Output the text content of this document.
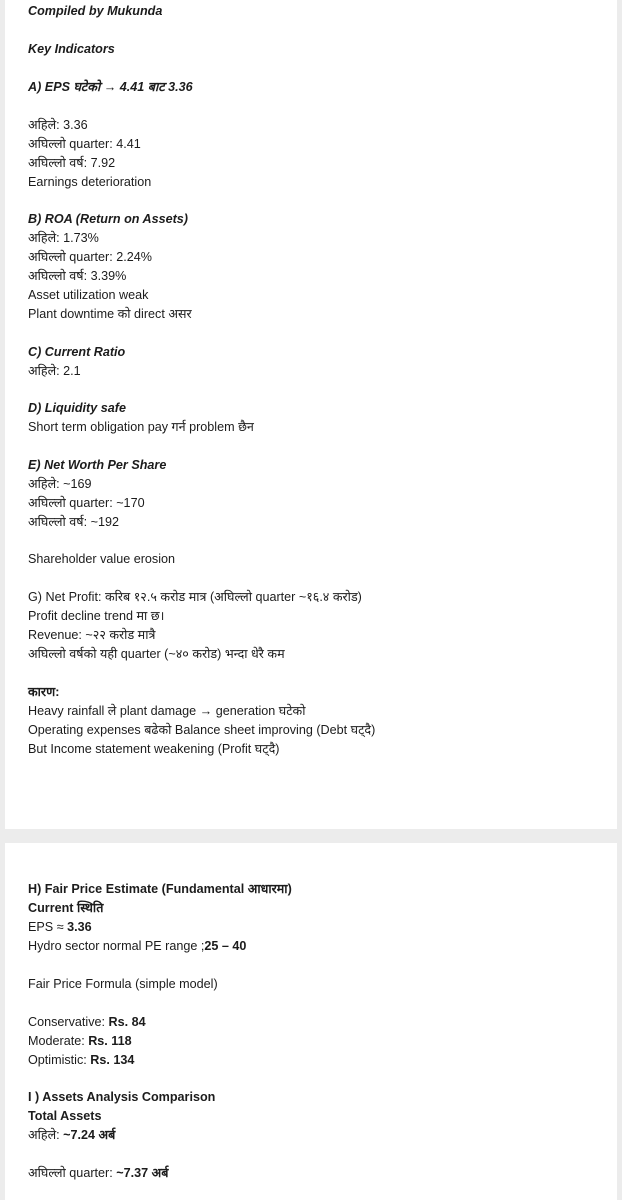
Compiled by Mukunda
Key Indicators
A) EPS घटेको → 4.41 बाट 3.36
अहिले: 3.36
अघिल्लो quarter: 4.41
अघिल्लो वर्ष: 7.92
Earnings deterioration
B) ROA (Return on Assets)
अहिले: 1.73%
अघिल्लो quarter: 2.24%
अघिल्लो वर्ष: 3.39%
Asset utilization weak
Plant downtime को direct असर
C) Current Ratio
अहिले: 2.1
D) Liquidity safe
Short term obligation pay गर्न problem छैन
E) Net Worth Per Share
अहिले: ~169
अघिल्लो quarter: ~170
अघिल्लो वर्ष: ~192
Shareholder value erosion
G) Net Profit: करिब १२.५ करोड मात्र (अघिल्लो quarter ~१६.४ करोड)
Profit decline trend मा छ।
Revenue: ~२२ करोड मात्रै
अघिल्लो वर्षको यही quarter (~४० करोड) भन्दा धेरै कम
कारण:
Heavy rainfall ले plant damage → generation घटेको
Operating expenses बढेको Balance sheet improving (Debt घट्दै)
But Income statement weakening (Profit घट्दै)
H) Fair Price Estimate (Fundamental आधारमा)
Current स्थिति
EPS ≈ 3.36
Hydro sector normal PE range ;25 – 40
Fair Price Formula (simple model)
Conservative: Rs. 84
Moderate: Rs. 118
Optimistic: Rs. 134
I ) Assets Analysis Comparison
Total Assets
अहिले: ~7.24 अर्ब
अघिल्लो quarter: ~7.37 अर्ब
